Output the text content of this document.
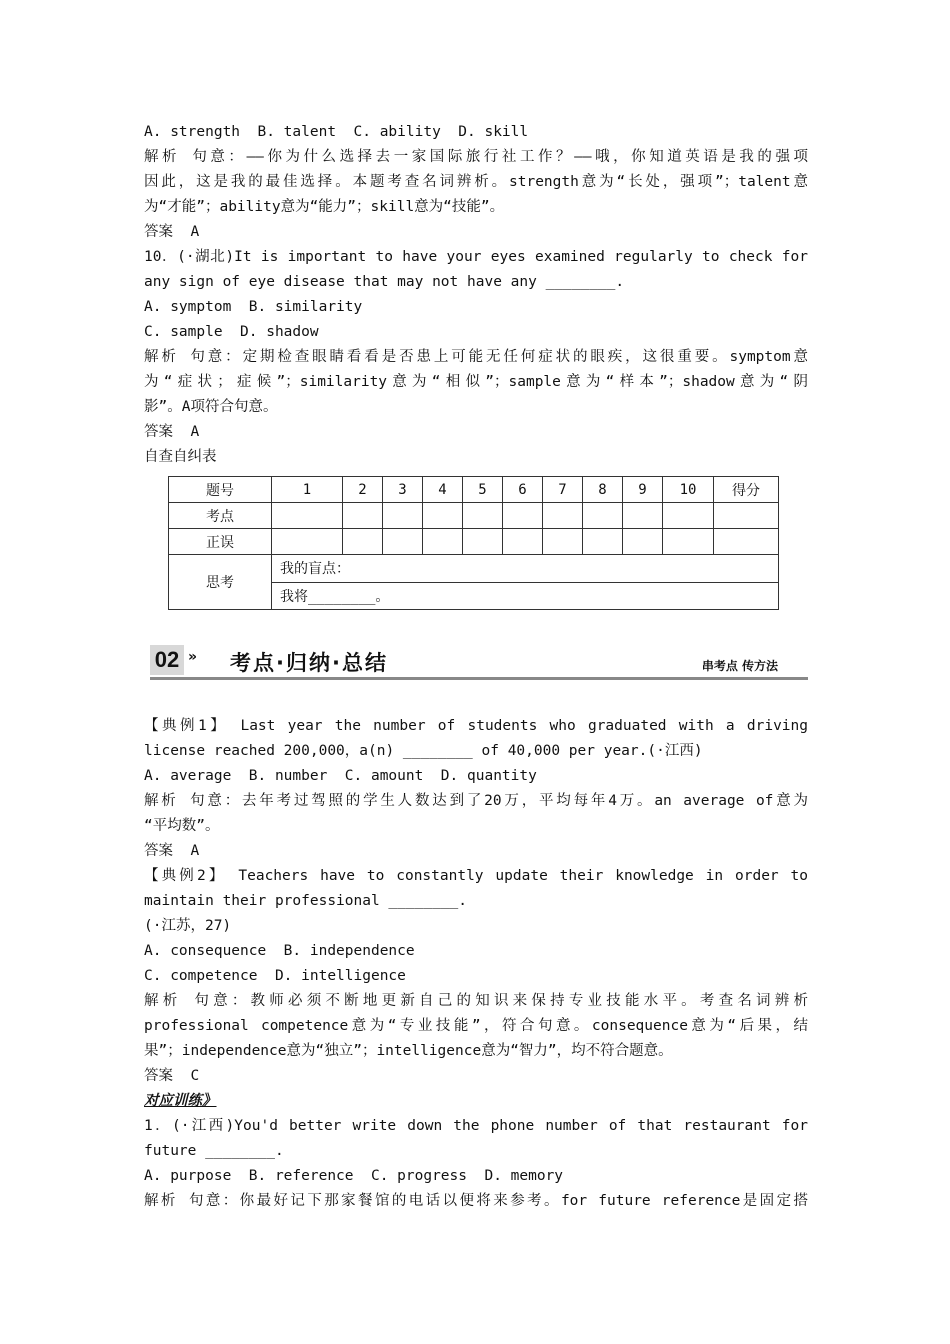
A. strength  B. talent  C. ability  D. skill
解析 句意：——你为什么选择去一家国际旅行社工作？——哦，你知道英语是我的强项
因此，这是我的最佳选择。本题考查名词辨析。strength意为“长处，强项”；talent意
为“才能”；ability意为“能力”；skill意为“技能”。
答案  A
10．(·湖北)It is important to have your eyes examined regularly to check for
any sign of eye disease that may not have any ________.
A. symptom  B. similarity
C. sample  D. shadow
解析 句意：定期检查眼睛看看是否患上可能无任何症状的眼疾，这很重要。symptom意
为“症状；症候”；similarity意为“相似”；sample意为“样本”；shadow意为“阴
影”。A项符合句意。
答案  A
自查自纠表
题号	1	2	3	4	5	6	7	8	9	10	得分
考点											
正误											
思考	我的盲点：										
	我将________。										
02 » 考点·归纳·总结	串考点 传方法
【典例1】 Last year the number of students who graduated with a driving
license reached 200,000，a(n) ________ of 40,000 per year.(·江西)
A. average  B. number  C. amount  D. quantity
解析 句意：去年考过驾照的学生人数达到了20万，平均每年4万。an average of意为
“平均数”。
答案  A
【典例2】 Teachers have to constantly update their knowledge in order to
maintain their professional ________.
(·江苏，27)
A. consequence  B. independence
C. competence  D. intelligence
解析 句意：教师必须不断地更新自己的知识来保持专业技能水平。考查名词辨析
professional competence意为“专业技能”，符合句意。consequence意为“后果，结
果”；independence意为“独立”；intelligence意为“智力”，均不符合题意。
答案  C
对应训练》
1．(·江西)You'd better write down the phone number of that restaurant for
future ________.
A. purpose  B. reference  C. progress  D. memory
解析 句意：你最好记下那家餐馆的电话以便将来参考。for future reference是固定搭
